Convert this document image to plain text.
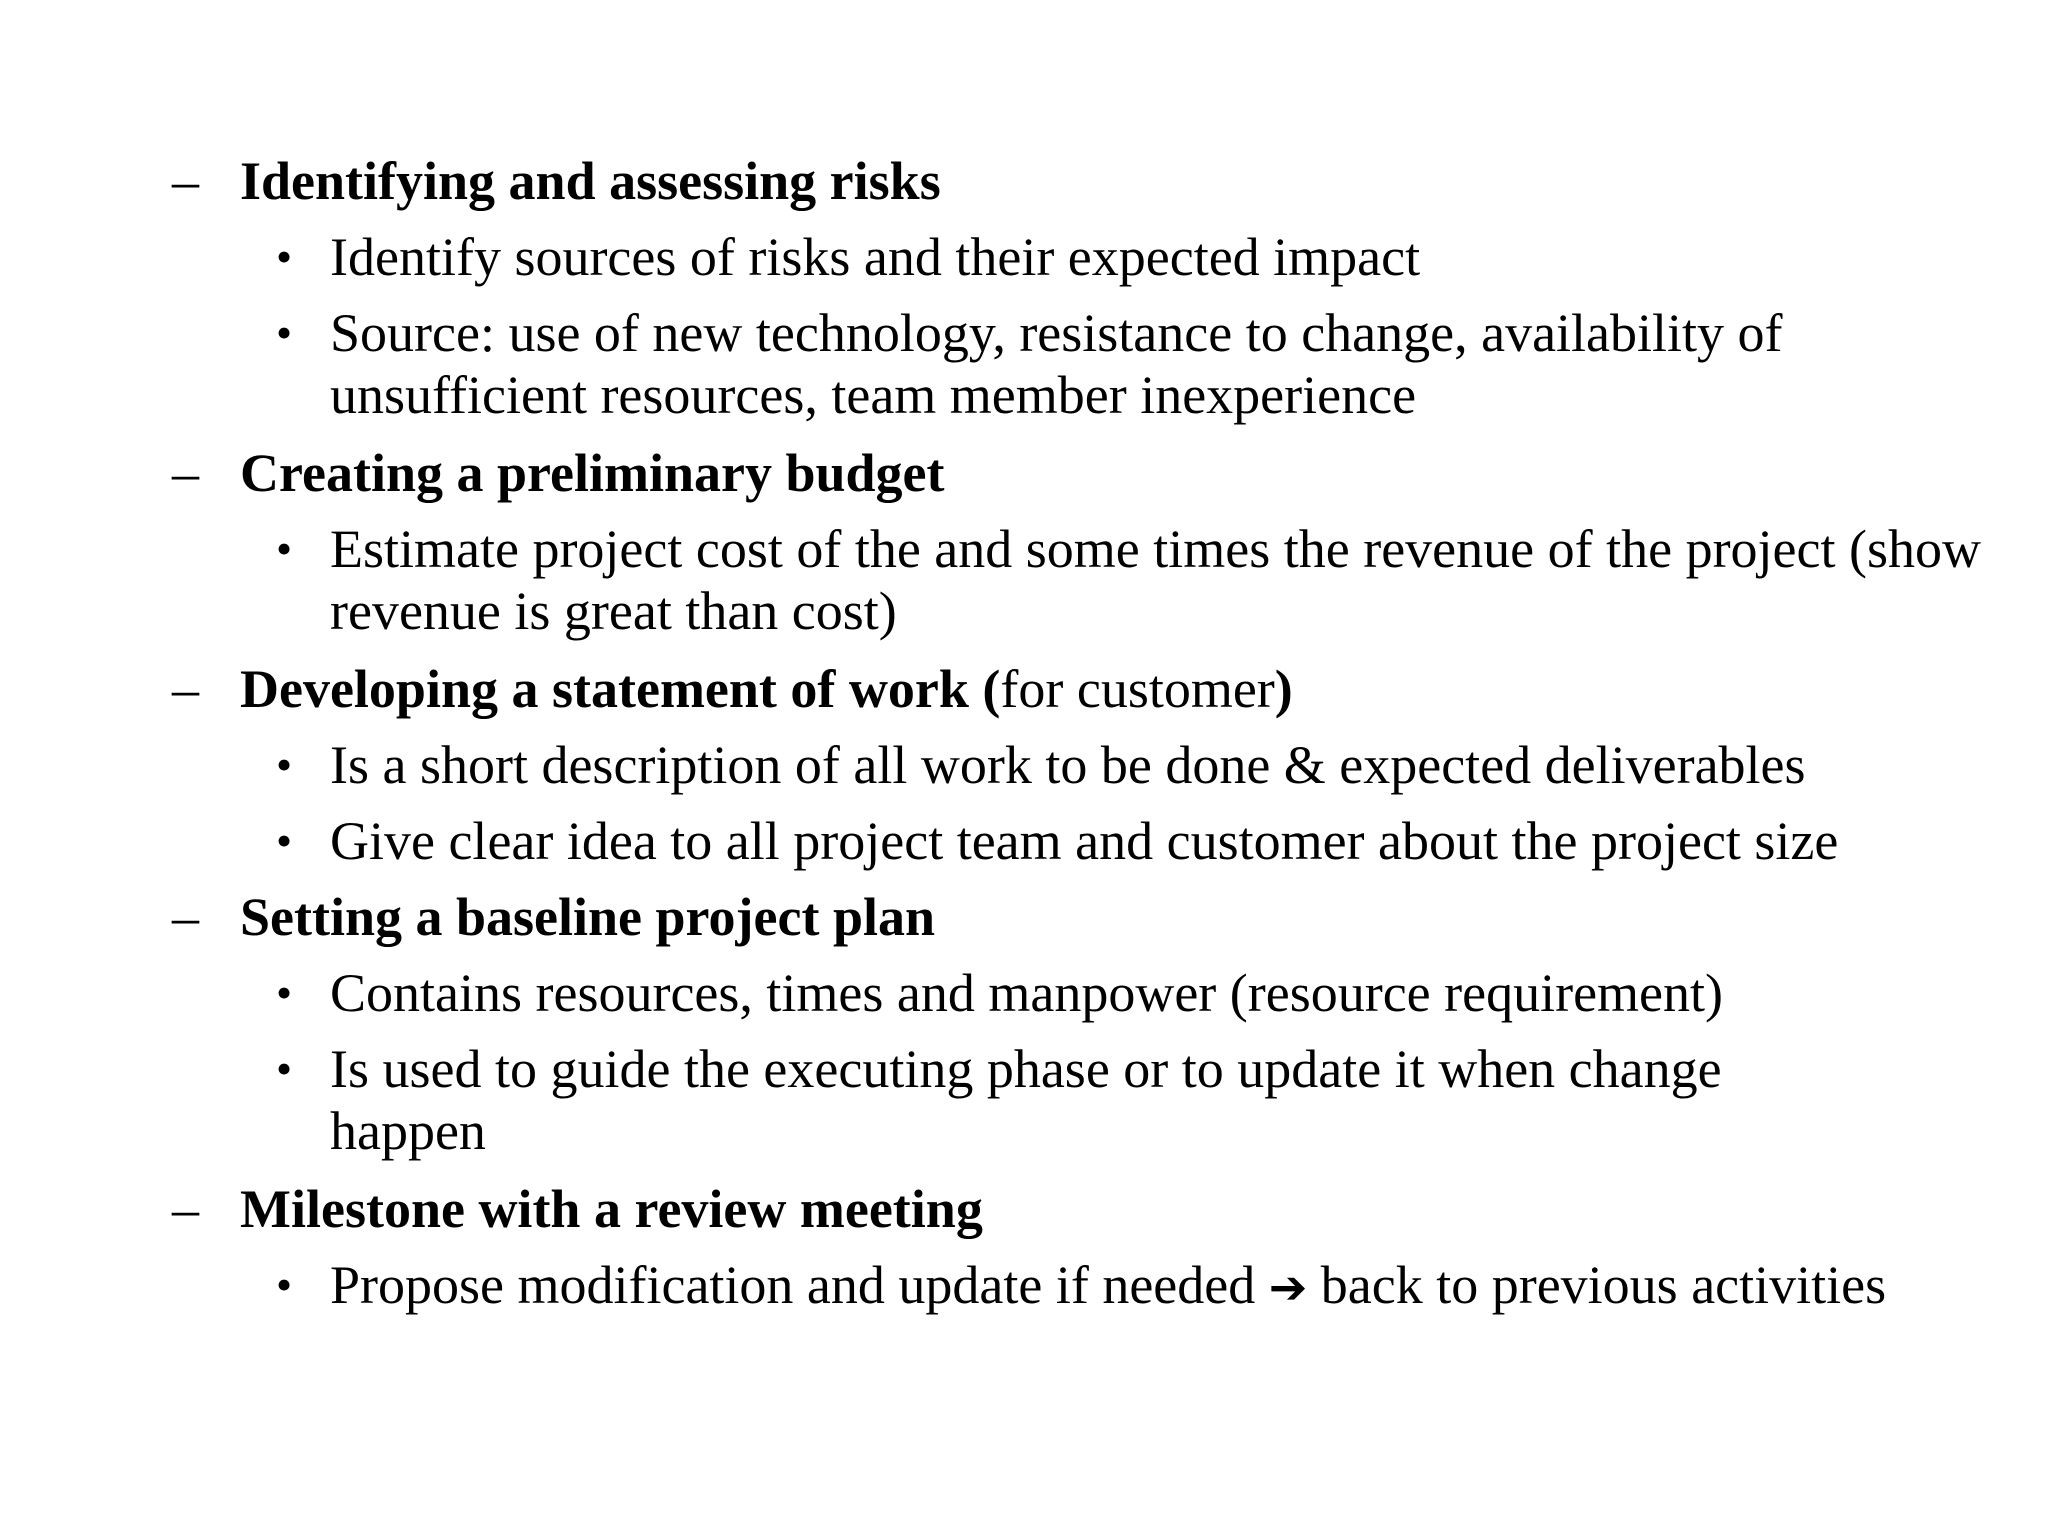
– Identifying and assessing risks
• Identify sources of risks and their expected impact
• Source: use of new technology, resistance to change, availability of unsufficient resources, team member inexperience
– Creating a preliminary budget
• Estimate project cost of the and some times the revenue of the project (show revenue is great than cost)
– Developing a statement of work (for customer)
• Is a short description of all work to be done & expected deliverables
• Give clear idea to all project team and customer about the project size
– Setting a baseline project plan
• Contains resources, times and manpower (resource requirement)
• Is used to guide the executing phase or to update it when change happen
– Milestone with a review meeting
• Propose modification and update if needed ➔ back to previous activities
